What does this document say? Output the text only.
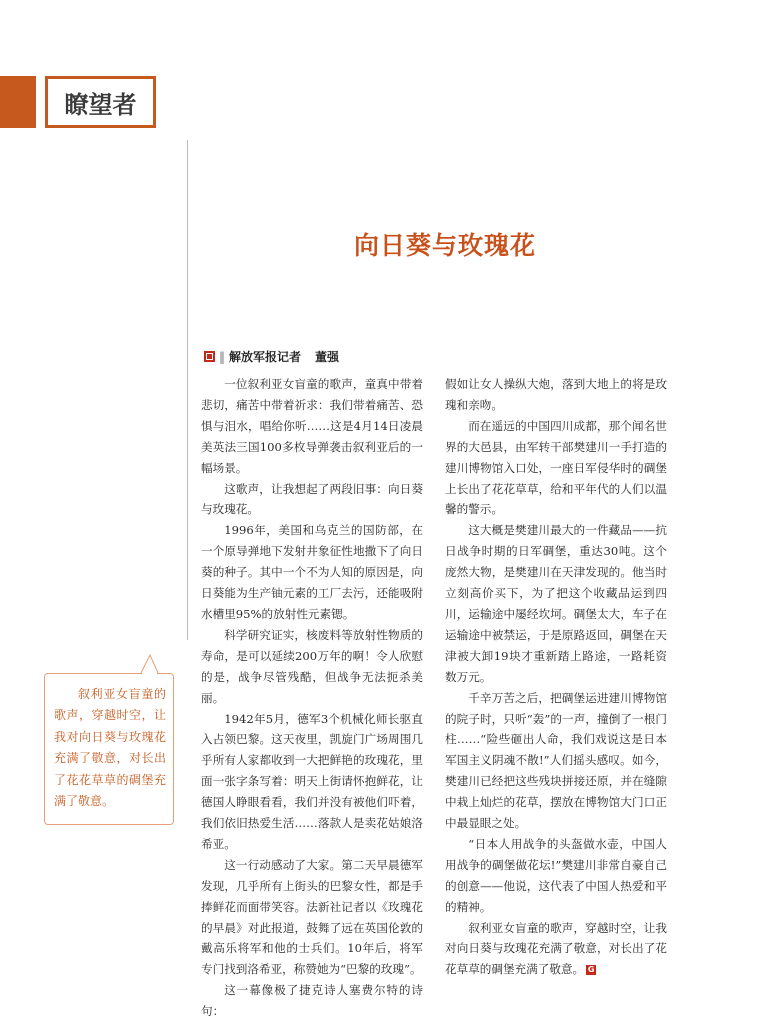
瞭望者
向日葵与玫瑰花
‖ 解放军报记者 董强

一位叙利亚女盲童的歌声，童真中带着悲切，痛苦中带着祈求：我们带着痛苦、恐惧与泪水，唱给你听……这是4月14日凌晨美英法三国100多枚导弹袭击叙利亚后的一幅场景。

这歌声，让我想起了两段旧事：向日葵与玫瑰花。

1996年，美国和乌克兰的国防部，在一个原导弹地下发射井象征性地撒下了向日葵的种子。其中一个不为人知的原因是，向日葵能为生产铀元素的工厂去污，还能吸附水槽里95%的放射性元素锶。

科学研究证实，核废料等放射性物质的寿命，是可以延续200万年的啊！令人欣慰的是，战争尽管残酷，但战争无法扼杀美丽。

1942年5月，德军3个机械化师长驱直入占领巴黎。这天夜里，凯旋门广场周围几乎所有人家都收到一大把鲜艳的玫瑰花，里面一张字条写着：明天上街请怀抱鲜花，让德国人睁眼看看，我们并没有被他们吓着，我们依旧热爱生活……落款人是卖花姑娘洛希亚。

这一行动感动了大家。第二天早晨德军发现，几乎所有上街头的巴黎女性，都是手捧鲜花而面带笑容。法新社记者以《玫瑰花的早晨》对此报道，鼓舞了远在英国伦敦的戴高乐将军和他的士兵们。10年后，将军专门找到洛希亚，称赞她为“巴黎的玫瑰”。

这一幕像极了捷克诗人塞费尔特的诗句：

假如让女人操纵大炮，落到大地上的将是玫瑰和亲吻。

而在遥远的中国四川成都，那个闻名世界的大邑县，由军转干部樊建川一手打造的建川博物馆入口处，一座日军侵华时的碉堡上长出了花花草草，给和平年代的人们以温馨的警示。

这大概是樊建川最大的一件藏品——抗日战争时期的日军碉堡，重达30吨。这个庞然大物，是樊建川在天津发现的。他当时立刻高价买下，为了把这个收藏品运到四川，运输途中屡经坎坷。碉堡太大，车子在运输途中被禁运，于是原路返回，碉堡在天津被大卸19块才重新踏上路途，一路耗资数万元。

千辛万苦之后，把碉堡运进建川博物馆的院子时，只听“轰”的一声，撞倒了一根门柱……“险些砸出人命，我们戏说这是日本军国主义阴魂不散!”人们摇头感叹。如今，樊建川已经把这些残块拼接还原，并在缝隙中栽上灿烂的花草，摆放在博物馆大门口正中最显眼之处。

“日本人用战争的头盔做水壶，中国人用战争的碉堡做花坛!”樊建川非常自豪自己的创意——他说，这代表了中国人热爱和平的精神。

叙利亚女盲童的歌声，穿越时空，让我对向日葵与玫瑰花充满了敬意，对长出了花花草草的碉堡充满了敬意。 G

叙利亚女盲童的歌声，穿越时空，让我对向日葵与玫瑰花充满了敬意，对长出了花花草草的碉堡充满了敬意。
